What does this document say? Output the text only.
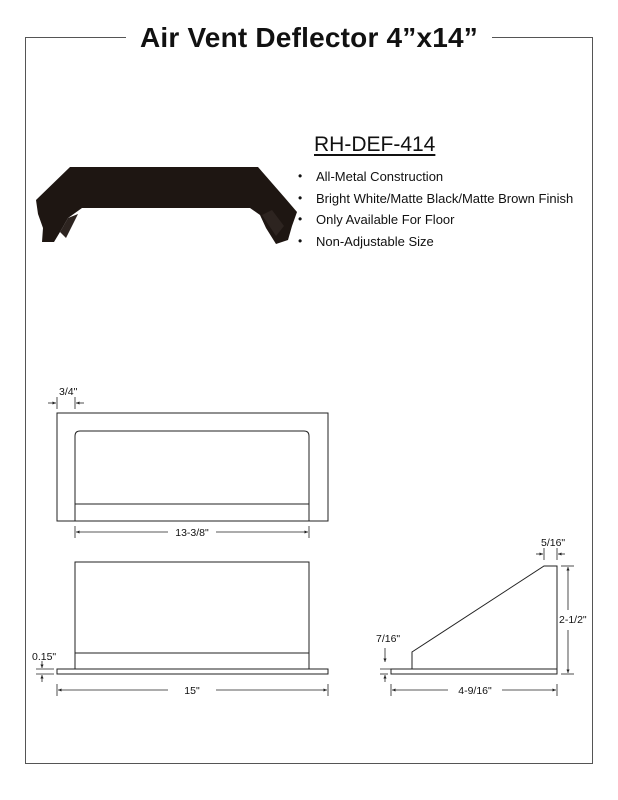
Air Vent Deflector 4”x14”
RH-DEF-414
• All-Metal Construction
• Bright White/Matte Black/Matte Brown Finish
• Only Available For Floor
• Non-Adjustable Size
3/4"
13-3/8"
0.15"
15"
5/16"
2-1/2"
7/16"
4-9/16"
